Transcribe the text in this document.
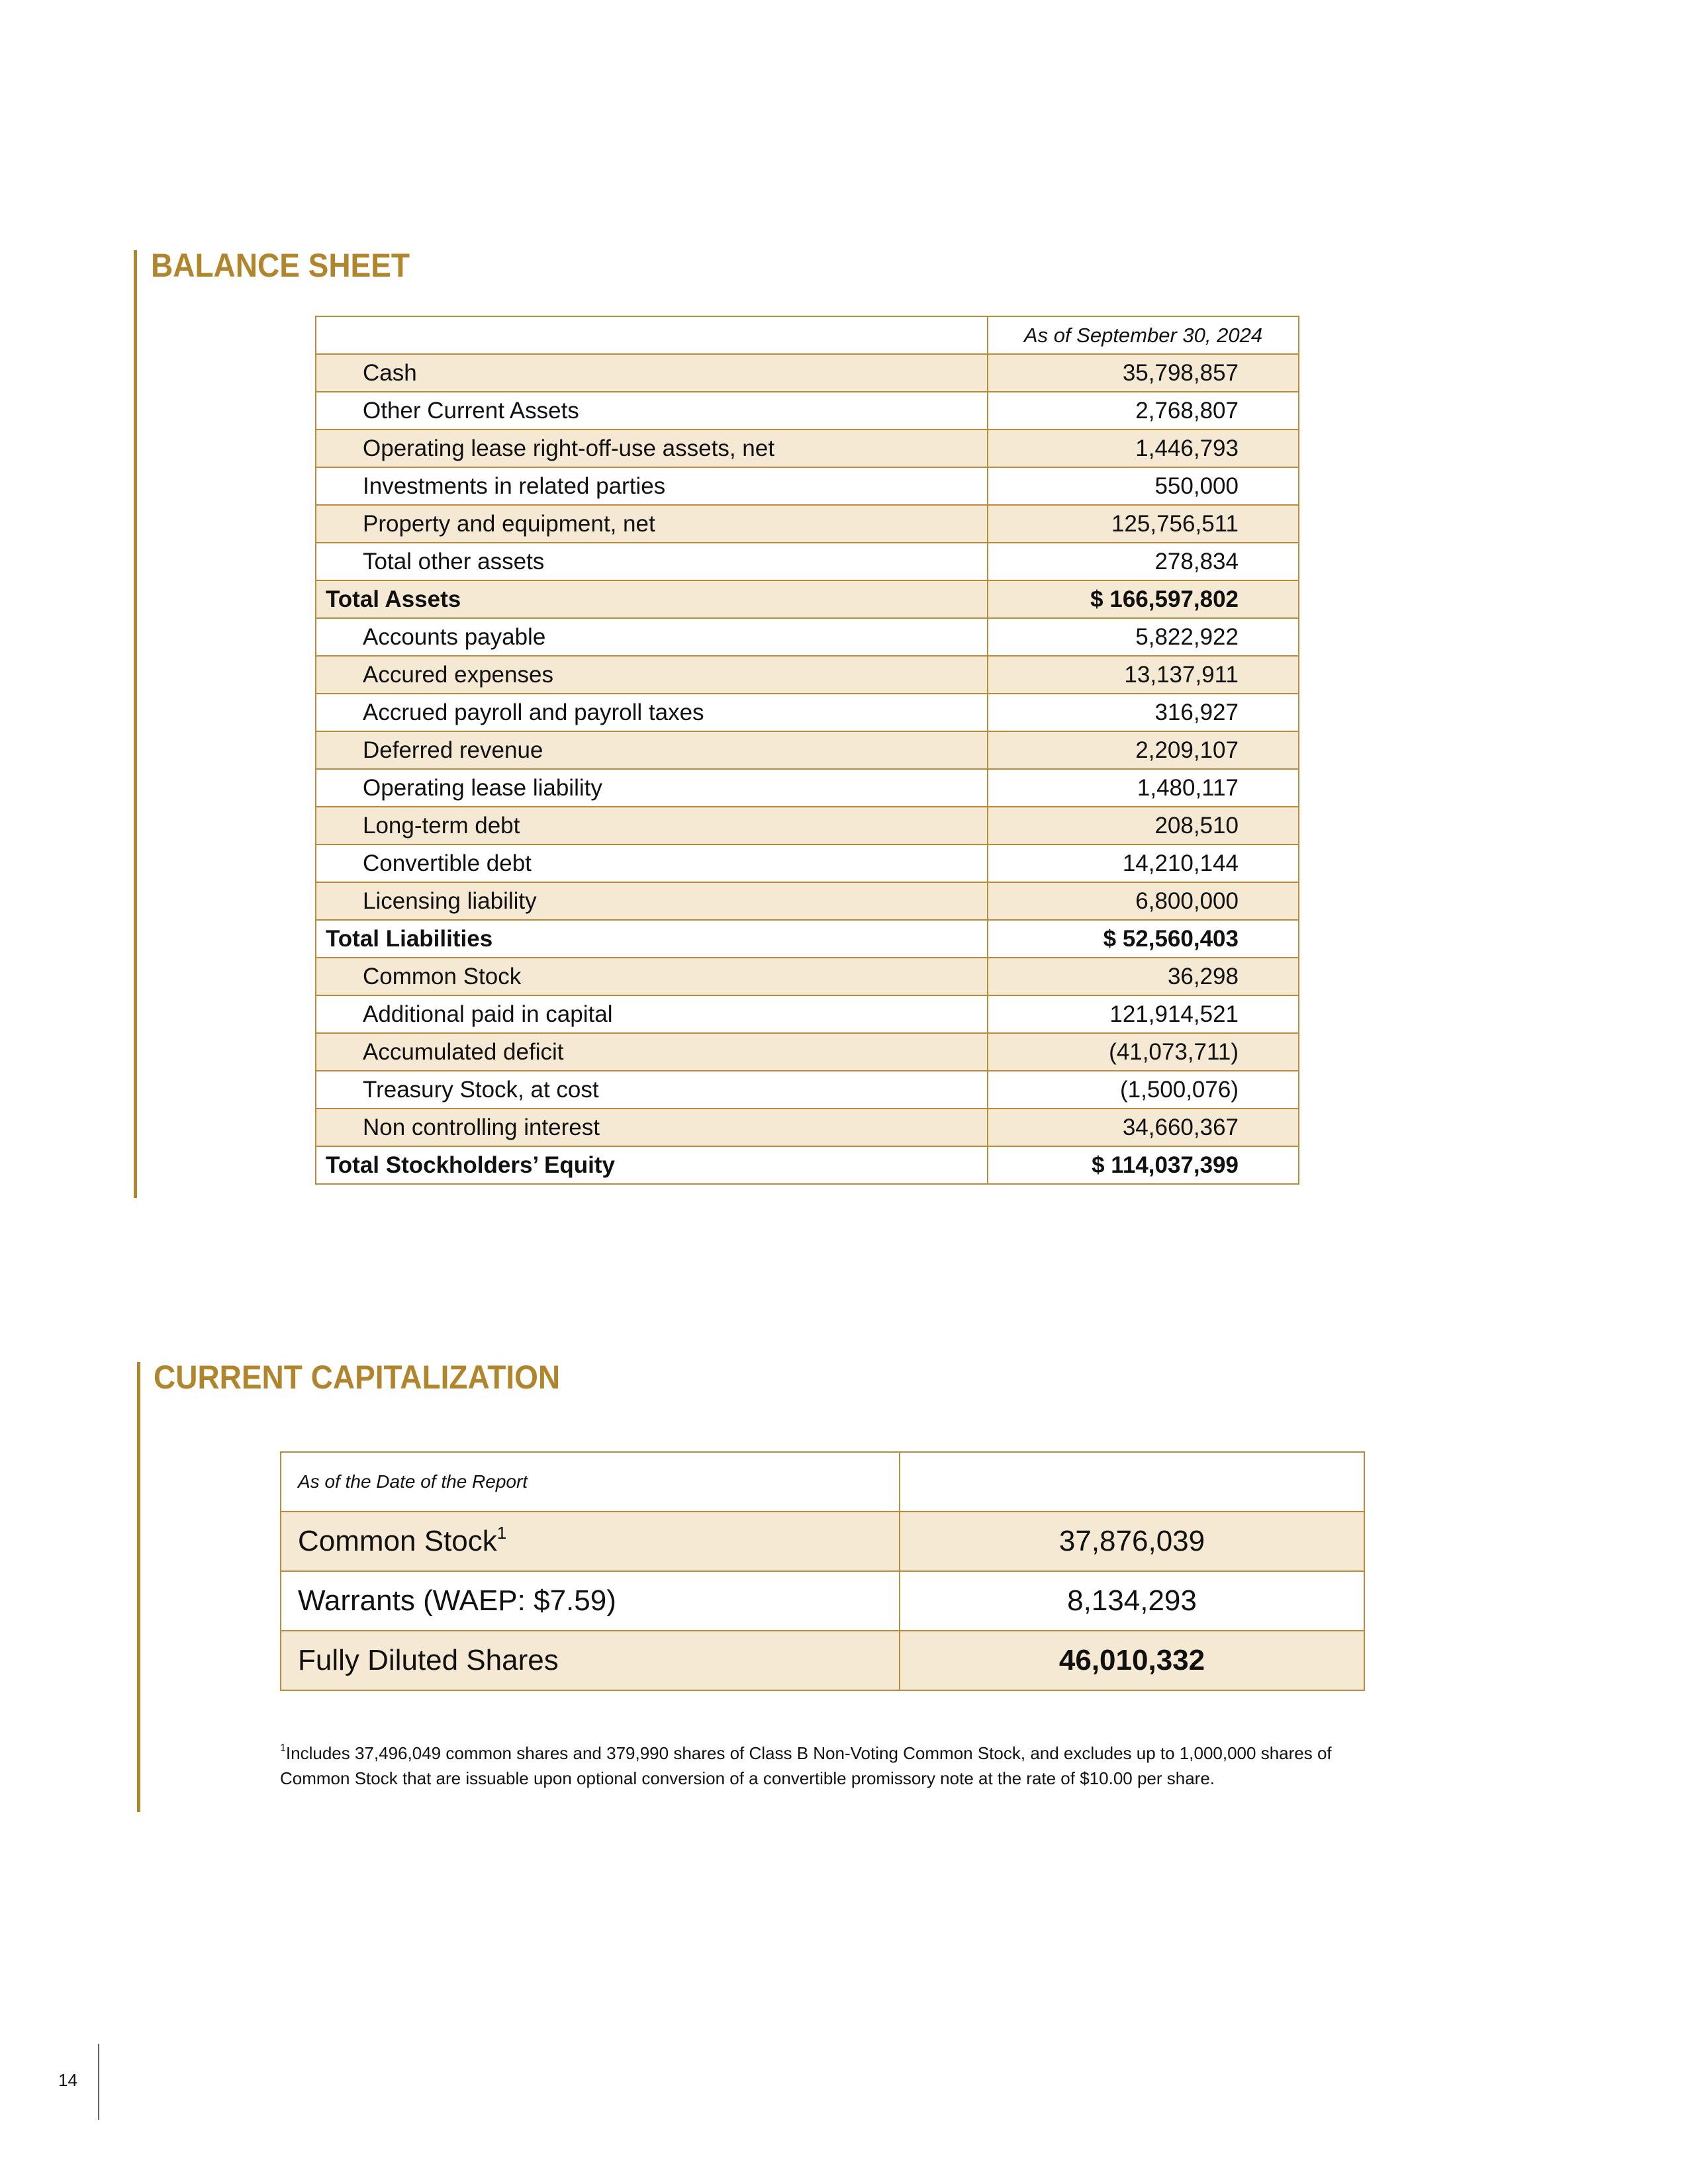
BALANCE SHEET
	As of September 30, 2024
Cash	35,798,857
Other Current Assets	2,768,807
Operating lease right-off-use assets, net	1,446,793
Investments in related parties	550,000
Property and equipment, net	125,756,511
Total other assets	278,834
Total Assets	$ 166,597,802
Accounts payable	5,822,922
Accured expenses	13,137,911
Accrued payroll and payroll taxes	316,927
Deferred revenue	2,209,107
Operating lease liability	1,480,117
Long-term debt	208,510
Convertible debt	14,210,144
Licensing liability	6,800,000
Total Liabilities	$ 52,560,403
Common Stock	36,298
Additional paid in capital	121,914,521
Accumulated deficit	(41,073,711)
Treasury Stock, at cost	(1,500,076)
Non controlling interest	34,660,367
Total Stockholders’ Equity	$ 114,037,399
CURRENT CAPITALIZATION
As of the Date of the Report	
Common Stock$^1$	37,876,039
Warrants (WAEP: $7.59)	8,134,293
Fully Diluted Shares	46,010,332

$^1$Includes 37,496,049 common shares and 379,990 shares of Class B Non-Voting Common Stock, and excludes up to 1,000,000 shares of Common Stock that are issuable upon optional conversion of a convertible promissory note at the rate of $10.00 per share.

14
